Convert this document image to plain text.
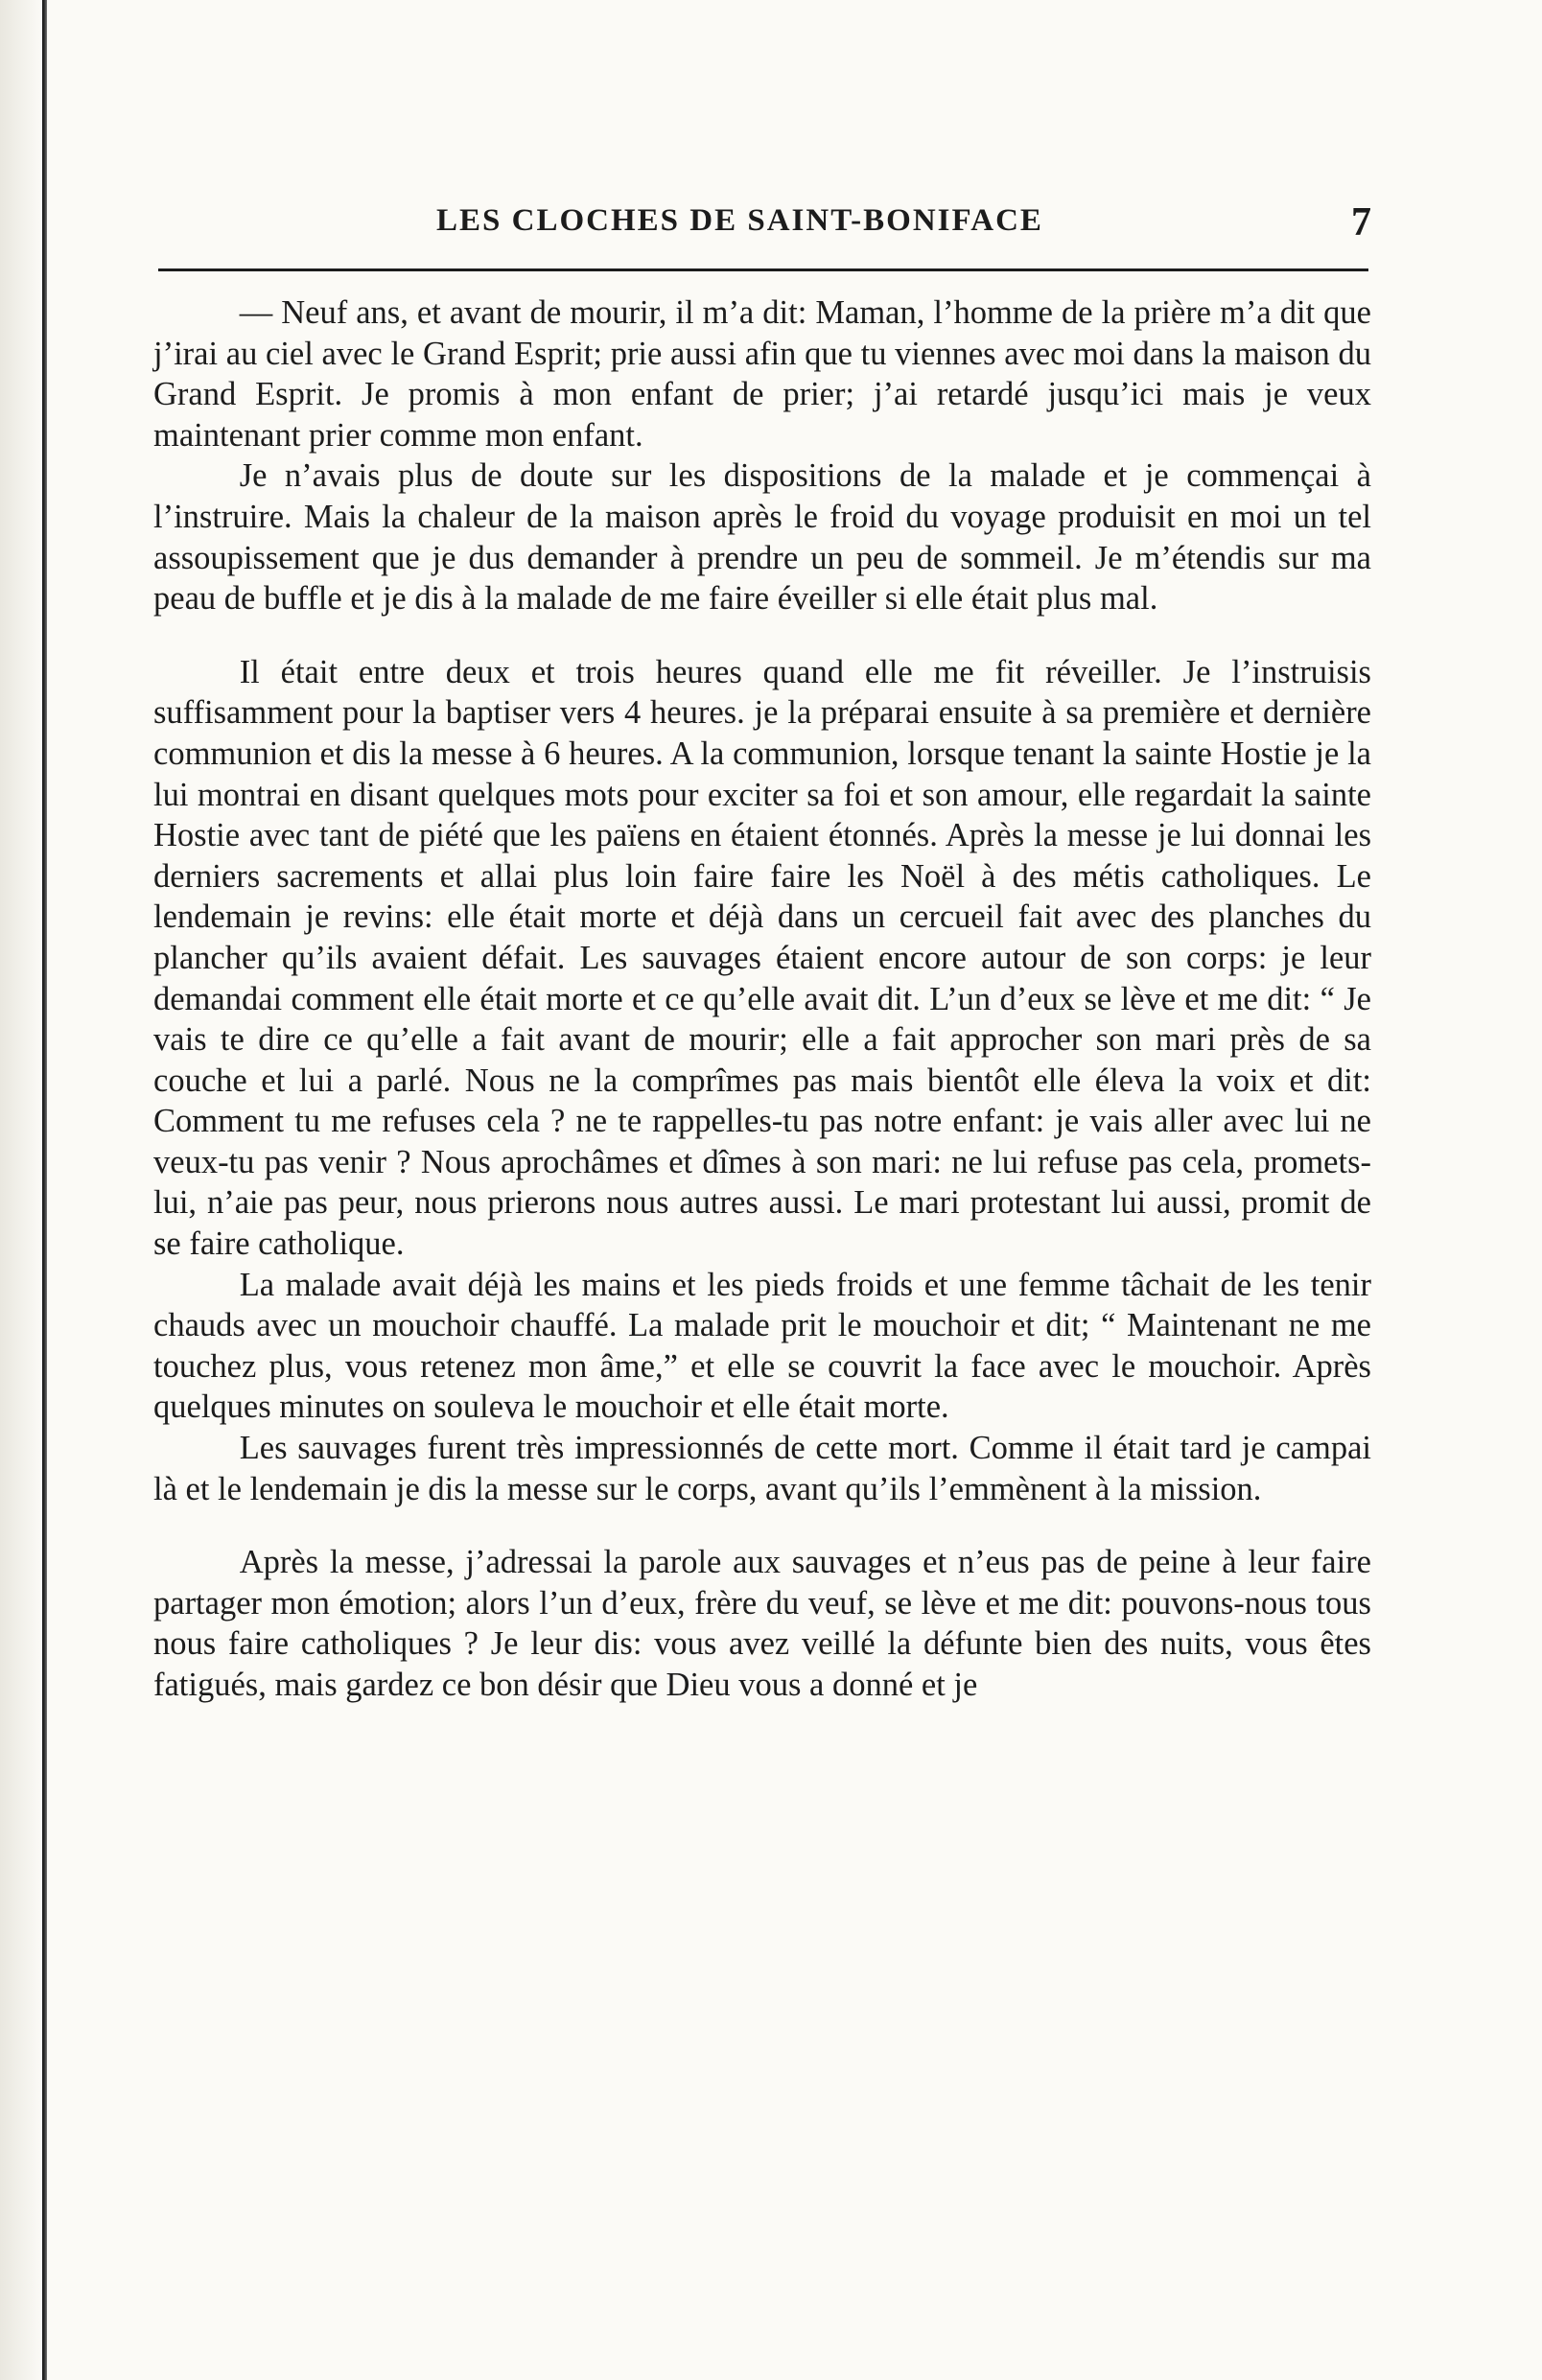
LES CLOCHES DE SAINT-BONIFACE	7

— Neuf ans, et avant de mourir, il m’a dit: Maman, l’homme de la prière m’a dit que j’irai au ciel avec le Grand Esprit; prie aussi afin que tu viennes avec moi dans la maison du Grand Esprit. Je promis à mon enfant de prier; j’ai retardé jusqu’ici mais je veux maintenant prier comme mon enfant.

Je n’avais plus de doute sur les dispositions de la malade et je commençai à l’instruire. Mais la chaleur de la maison après le froid du voyage produisit en moi un tel assoupissement que je dus demander à prendre un peu de sommeil. Je m’étendis sur ma peau de buffle et je dis à la malade de me faire éveiller si elle était plus mal.

Il était entre deux et trois heures quand elle me fit réveiller. Je l’instruisis suffisamment pour la baptiser vers 4 heures. je la préparai ensuite à sa première et dernière communion et dis la messe à 6 heures. A la communion, lorsque tenant la sainte Hostie je la lui montrai en disant quelques mots pour exciter sa foi et son amour, elle regardait la sainte Hostie avec tant de piété que les païens en étaient étonnés. Après la messe je lui donnai les derniers sacrements et allai plus loin faire faire les Noël à des métis catholiques. Le lendemain je revins: elle était morte et déjà dans un cercueil fait avec des planches du plancher qu’ils avaient défait. Les sauvages étaient encore autour de son corps: je leur demandai comment elle était morte et ce qu’elle avait dit. L’un d’eux se lève et me dit: “ Je vais te dire ce qu’elle a fait avant de mourir; elle a fait approcher son mari près de sa couche et lui a parlé. Nous ne la comprîmes pas mais bientôt elle éleva la voix et dit: Comment tu me refuses cela ? ne te rappelles-tu pas notre enfant: je vais aller avec lui ne veux-tu pas venir ? Nous aprochâmes et dîmes à son mari: ne lui refuse pas cela, promets-lui, n’aie pas peur, nous prierons nous autres aussi. Le mari protestant lui aussi, promit de se faire catholique.

La malade avait déjà les mains et les pieds froids et une femme tâchait de les tenir chauds avec un mouchoir chauffé. La malade prit le mouchoir et dit; “ Maintenant ne me touchez plus, vous retenez mon âme,” et elle se couvrit la face avec le mouchoir. Après quelques minutes on souleva le mouchoir et elle était morte.

Les sauvages furent très impressionnés de cette mort. Comme il était tard je campai là et le lendemain je dis la messe sur le corps, avant qu’ils l’emmènent à la mission.

Après la messe, j’adressai la parole aux sauvages et n’eus pas de peine à leur faire partager mon émotion; alors l’un d’eux, frère du veuf, se lève et me dit: pouvons-nous tous nous faire catholiques ? Je leur dis: vous avez veillé la défunte bien des nuits, vous êtes fatigués, mais gardez ce bon désir que Dieu vous a donné et je
